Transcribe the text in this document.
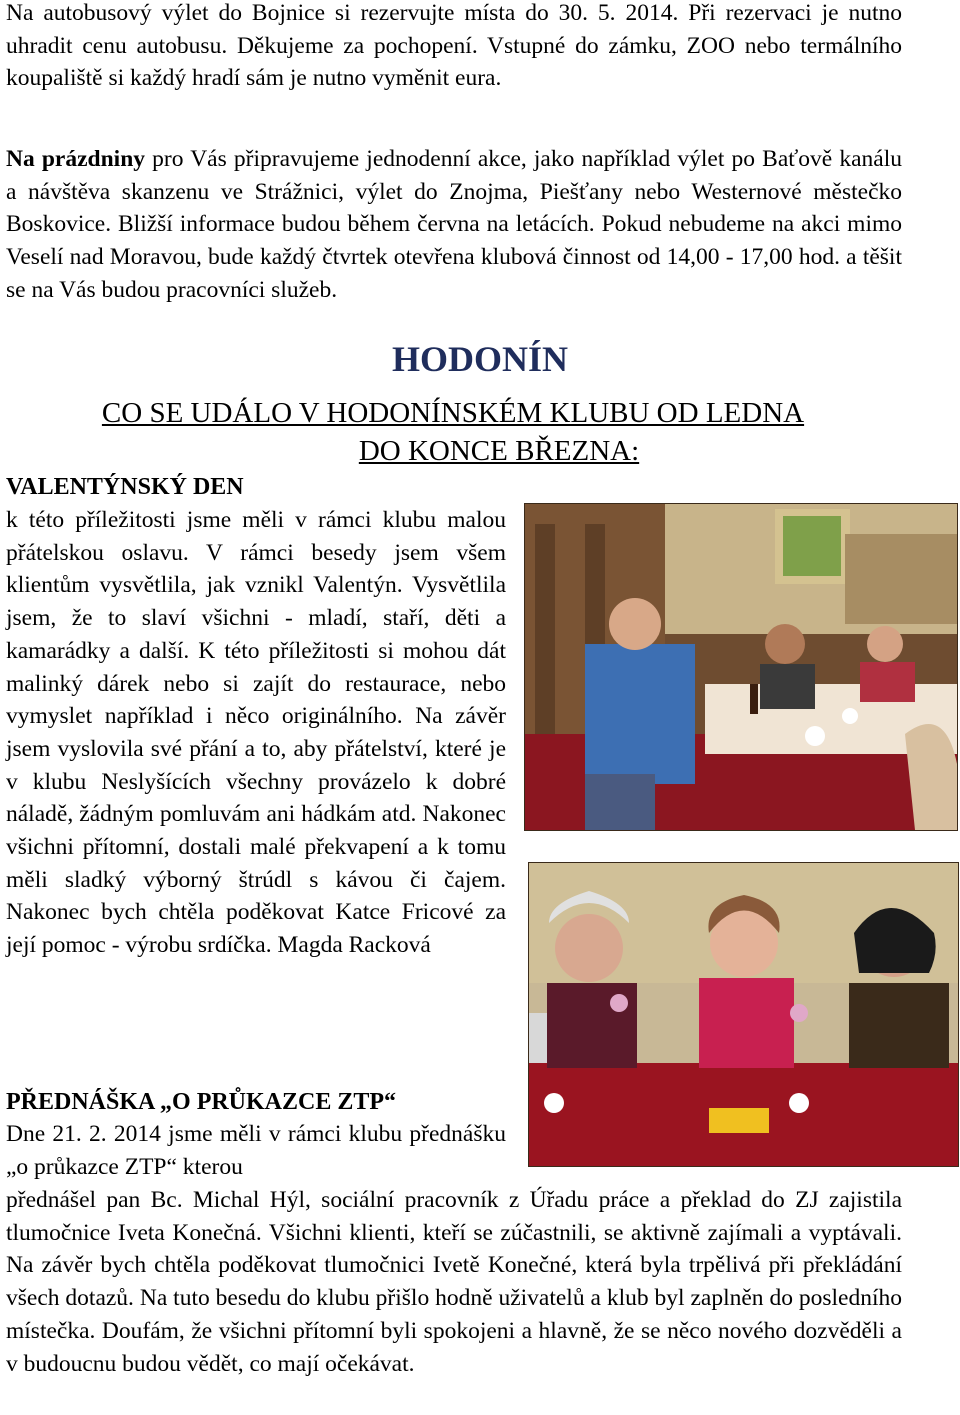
Na autobusový výlet do Bojnice si rezervujte místa do 30. 5. 2014. Při rezervaci je nutno uhradit cenu autobusu. Děkujeme za pochopení. Vstupné do zámku, ZOO nebo termálního koupaliště si každý hradí sám je nutno vyměnit eura.

Na prázdniny pro Vás připravujeme jednodenní akce, jako například výlet po Baťově kanálu a návštěva skanzenu ve Strážnici, výlet do Znojma, Piešťany nebo Westernové městečko Boskovice. Bližší informace budou během června na letácích. Pokud nebudeme na akci mimo Veselí nad Moravou, bude každý čtvrtek otevřena klubová činnost od 14,00 - 17,00 hod. a těšit se na Vás budou pracovníci služeb.

HODONÍN
CO SE UDÁLO V HODONÍNSKÉM KLUBU OD LEDNA
DO KONCE BŘEZNA:
VALENTÝNSKÝ DEN

k této příležitosti jsme měli v rámci klubu malou přátelskou oslavu. V rámci besedy jsem všem klientům vysvětlila, jak vznikl Valentýn. Vysvětlila jsem, že to slaví všichni - mladí, staří, děti a kamarádky a další. K této příležitosti si mohou dát malinký dárek nebo si zajít do restaurace, nebo vymyslet například i něco originálního. Na závěr jsem vyslovila své přání a to, aby přátelství, které je v klubu Neslyšících všechny provázelo k dobré náladě, žádným pomluvám ani hádkám atd. Nakonec všichni přítomní, dostali malé překvapení a k tomu měli sladký výborný štrúdl s kávou či čajem. Nakonec bych chtěla poděkovat Katce Fricové za její pomoc - výrobu srdíčka. Magda Racková

PŘEDNÁŠKA „O PRŮKAZCE ZTP“

Dne 21. 2. 2014 jsme měli v rámci klubu přednášku „o průkazce ZTP“ kterou

přednášel pan Bc. Michal Hýl, sociální pracovník z Úřadu práce a překlad do ZJ zajistila tlumočnice Iveta Konečná. Všichni klienti, kteří se zúčastnili, se aktivně zajímali a vyptávali. Na závěr bych chtěla poděkovat tlumočnici Ivetě Konečné, která byla trpělivá při překládání všech dotazů. Na tuto besedu do klubu přišlo hodně uživatelů a klub byl zaplněn do posledního místečka. Doufám, že všichni přítomní byli spokojeni a hlavně, že se něco nového dozvěděli a v budoucnu budou vědět, co mají očekávat.
